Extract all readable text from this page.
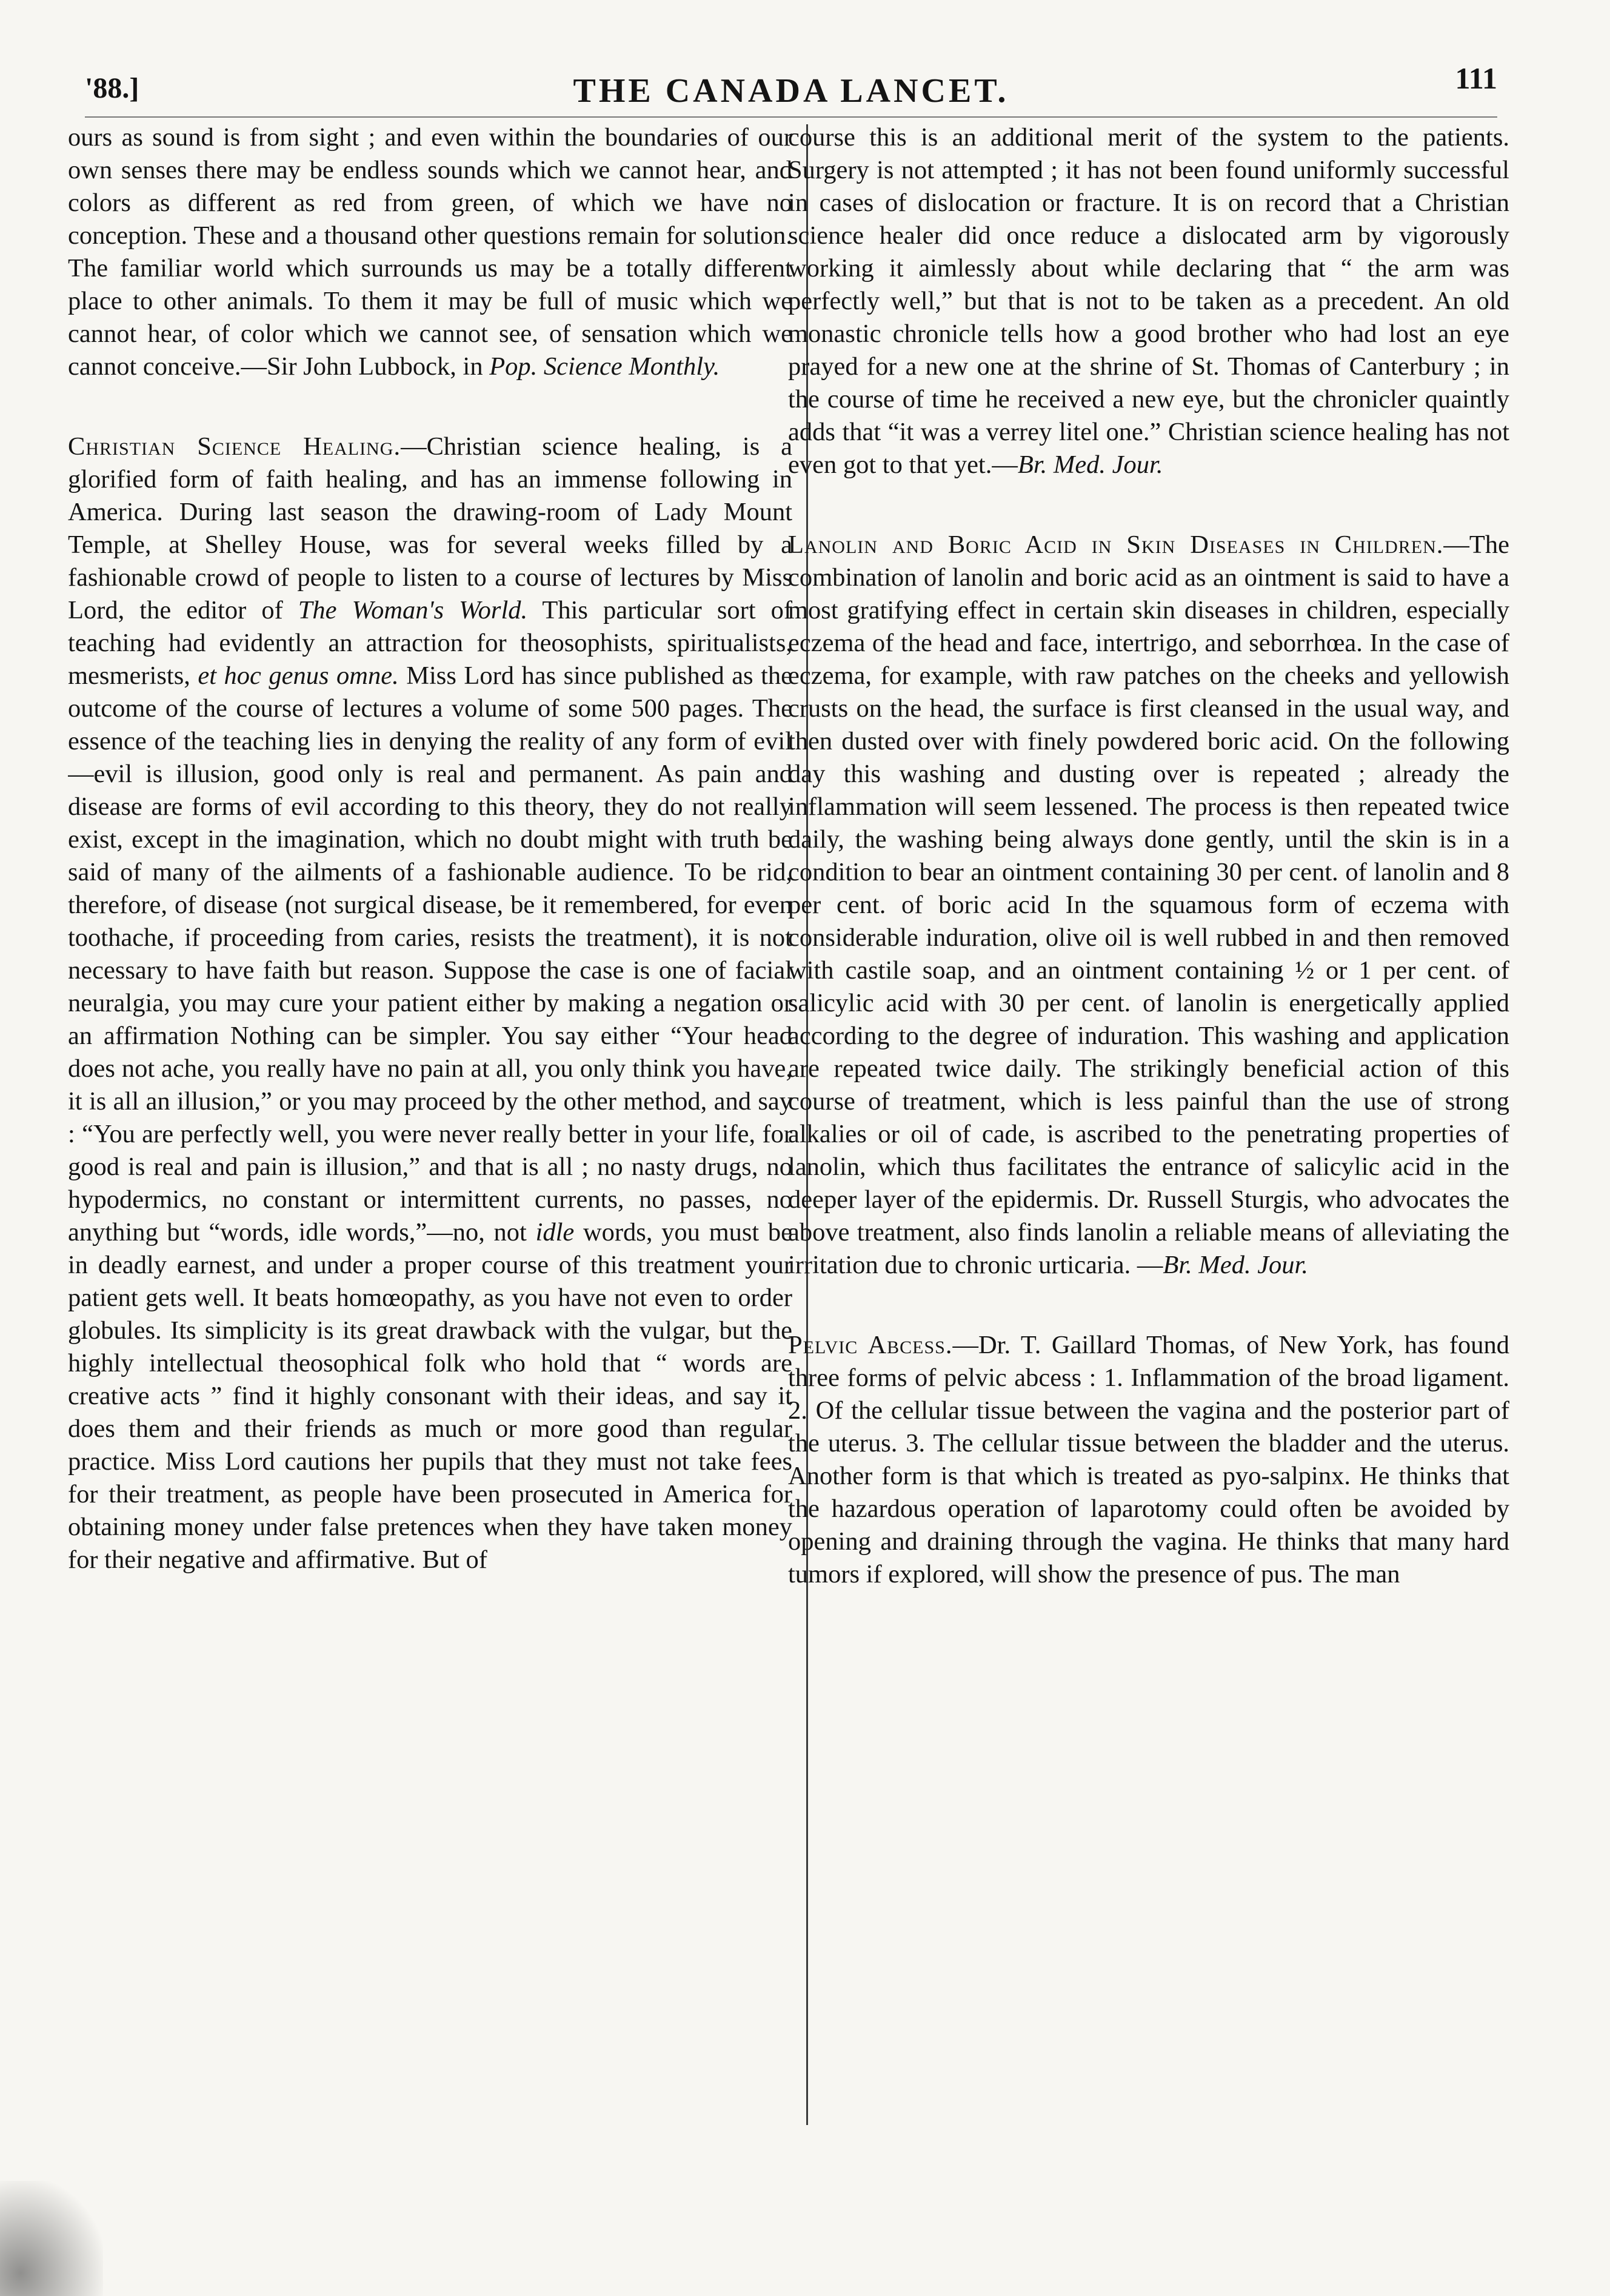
'88.]	THE CANADA LANCET.	111

ours as sound is from sight ; and even within the boundaries of our own senses there may be endless sounds which we cannot hear, and colors as different as red from green, of which we have no conception. These and a thousand other questions remain for solution. The familiar world which surrounds us may be a totally different place to other animals. To them it may be full of music which we cannot hear, of color which we cannot see, of sensation which we cannot conceive.—Sir John Lubbock, in Pop. Science Monthly.

Christian Science Healing.—Christian science healing, is a glorified form of faith healing, and has an immense following in America. During last season the drawing-room of Lady Mount Temple, at Shelley House, was for several weeks filled by a fashionable crowd of people to listen to a course of lectures by Miss Lord, the editor of The Woman's World. This particular sort of teaching had evidently an attraction for theosophists, spiritualists, mesmerists, et hoc genus omne. Miss Lord has since published as the outcome of the course of lectures a volume of some 500 pages. The essence of the teaching lies in denying the reality of any form of evil—evil is illusion, good only is real and permanent. As pain and disease are forms of evil according to this theory, they do not really exist, except in the imagination, which no doubt might with truth be said of many of the ailments of a fashionable audience. To be rid, therefore, of disease (not surgical disease, be it remembered, for even toothache, if proceeding from caries, resists the treatment), it is not necessary to have faith but reason. Suppose the case is one of facial neuralgia, you may cure your patient either by making a negation or an affirmation Nothing can be simpler. You say either “Your head does not ache, you really have no pain at all, you only think you have, it is all an illusion,” or you may proceed by the other method, and say : “You are perfectly well, you were never really better in your life, for good is real and pain is illusion,” and that is all ; no nasty drugs, no hypodermics, no constant or intermittent currents, no passes, no anything but “words, idle words,”—no, not idle words, you must be in deadly earnest, and under a proper course of this treatment your patient gets well. It beats homœopathy, as you have not even to order globules. Its simplicity is its great drawback with the vulgar, but the highly intellectual theosophical folk who hold that “ words are creative acts ” find it highly consonant with their ideas, and say it does them and their friends as much or more good than regular practice. Miss Lord cautions her pupils that they must not take fees for their treatment, as people have been prosecuted in America for obtaining money under false pretences when they have taken money for their negative and affirmative. But of

course this is an additional merit of the system to the patients. Surgery is not attempted ; it has not been found uniformly successful in cases of dislocation or fracture. It is on record that a Christian science healer did once reduce a dislocated arm by vigorously working it aimlessly about while declaring that “ the arm was perfectly well,” but that is not to be taken as a precedent. An old monastic chronicle tells how a good brother who had lost an eye prayed for a new one at the shrine of St. Thomas of Canterbury ; in the course of time he received a new eye, but the chronicler quaintly adds that “it was a verrey litel one.” Christian science healing has not even got to that yet.—Br. Med. Jour.

Lanolin and Boric Acid in Skin Diseases in Children.—The combination of lanolin and boric acid as an ointment is said to have a most gratifying effect in certain skin diseases in children, especially eczema of the head and face, intertrigo, and seborrhœa. In the case of eczema, for example, with raw patches on the cheeks and yellowish crusts on the head, the surface is first cleansed in the usual way, and then dusted over with finely powdered boric acid. On the following day this washing and dusting over is repeated ; already the inflammation will seem lessened. The process is then repeated twice daily, the washing being always done gently, until the skin is in a condition to bear an ointment containing 30 per cent. of lanolin and 8 per cent. of boric acid In the squamous form of eczema with considerable induration, olive oil is well rubbed in and then removed with castile soap, and an ointment containing ½ or 1 per cent. of salicylic acid with 30 per cent. of lanolin is energetically applied according to the degree of induration. This washing and application are repeated twice daily. The strikingly beneficial action of this course of treatment, which is less painful than the use of strong alkalies or oil of cade, is ascribed to the penetrating properties of lanolin, which thus facilitates the entrance of salicylic acid in the deeper layer of the epidermis. Dr. Russell Sturgis, who advocates the above treatment, also finds lanolin a reliable means of alleviating the irritation due to chronic urticaria. —Br. Med. Jour.

Pelvic Abcess.—Dr. T. Gaillard Thomas, of New York, has found three forms of pelvic abcess : 1. Inflammation of the broad ligament. 2. Of the cellular tissue between the vagina and the posterior part of the uterus. 3. The cellular tissue between the bladder and the uterus. Another form is that which is treated as pyo-salpinx. He thinks that the hazardous operation of laparotomy could often be avoided by opening and draining through the vagina. He thinks that many hard tumors if explored, will show the presence of pus. The man
